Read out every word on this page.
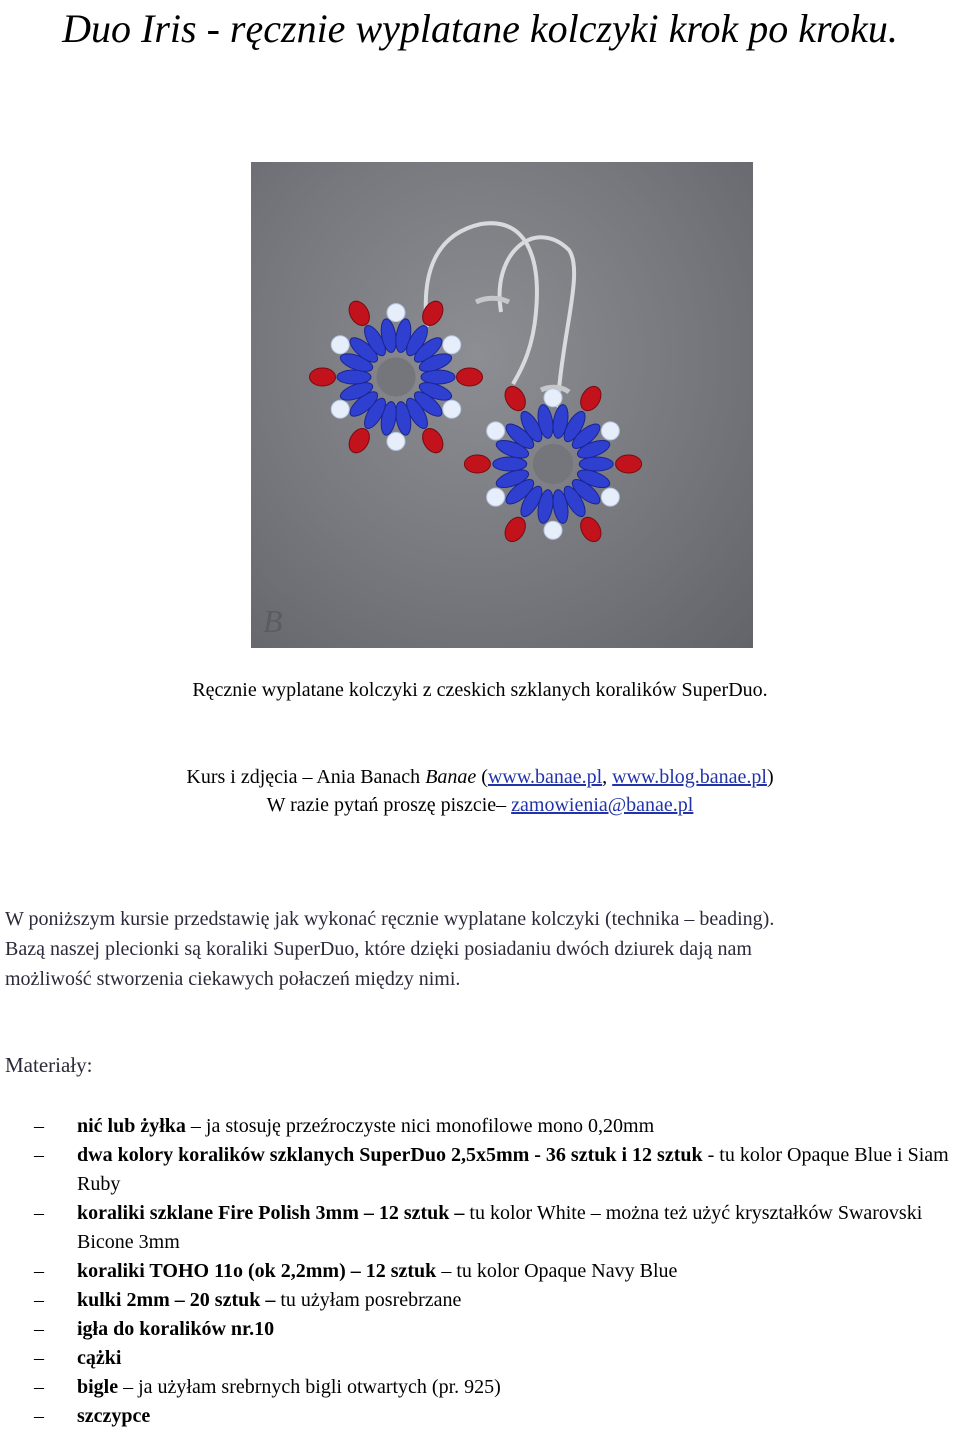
Duo Iris - ręcznie wyplatane kolczyki krok po kroku.
B
Ręcznie wyplatane kolczyki z czeskich szklanych koralików SuperDuo.
Kurs i zdjęcia – Ania Banach Banae (www.banae.pl, www.blog.banae.pl)
W razie pytań proszę piszcie– zamowienia@banae.pl
W poniższym kursie przedstawię jak wykonać ręcznie wyplatane kolczyki (technika – beading).
Bazą naszej plecionki są koraliki SuperDuo, które dzięki posiadaniu dwóch dziurek dają nam
możliwość stworzenia ciekawych połaczeń między nimi.
Materiały:
– nić lub żyłka – ja stosuję przeźroczyste nici monofilowe mono 0,20mm
– dwa kolory koralików szklanych SuperDuo 2,5x5mm - 36 sztuk i 12 sztuk - tu kolor Opaque Blue i Siam Ruby
– koraliki szklane Fire Polish 3mm – 12 sztuk – tu kolor White – można też użyć kryształków Swarovski Bicone 3mm
– koraliki TOHO 11o (ok 2,2mm) – 12 sztuk – tu kolor Opaque Navy Blue
– kulki 2mm – 20 sztuk – tu użyłam posrebrzane
– igła do koralików nr.10
– cążki
– bigle – ja użyłam srebrnych bigli otwartych (pr. 925)
– szczypce
